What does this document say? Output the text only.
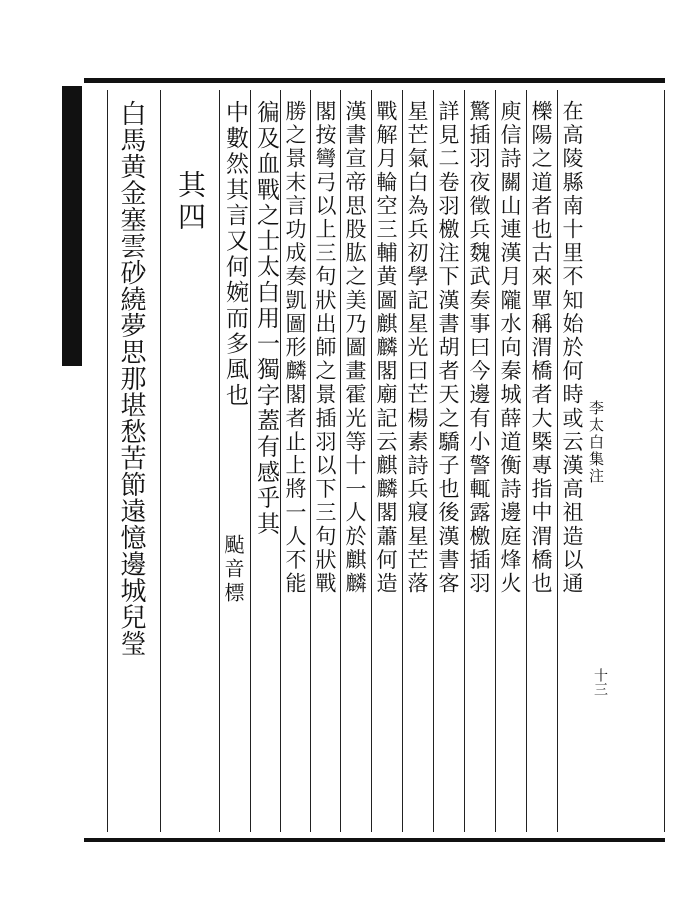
白馬黄金塞雲砂繞夢思那堪愁苦節遠憶邊城兒瑩 其四 中數然其言又何婉而多風也

颭音標

徧及血戰之士太白用一獨字蓋有感乎其 勝之景末言功成奏凱圖形麟閣者止上將一人不能 閣按彎弓以上三句狀出師之景插羽以下三句狀戰 漢書宣帝思股肱之美乃圖畫霍光等十一人於麒麟 戰解月輪空三輔黄圖麒麟閣廟記云麒麟閣蕭何造 星芒氣白為兵初學記星光曰芒楊素詩兵寢星芒落 詳見二卷羽檄注下漢書胡者天之驕子也後漢書客 驚插羽夜徵兵魏武奏事曰今邊有小警輒露檄插羽 庾信詩關山連漢月隴水向秦城薛道衡詩邊庭烽火 櫟陽之道者也古來單稱渭橋者大槩專指中渭橋也 在高陵縣南十里不知始於何時或云漢高祖造以通 李太白集注

十三
